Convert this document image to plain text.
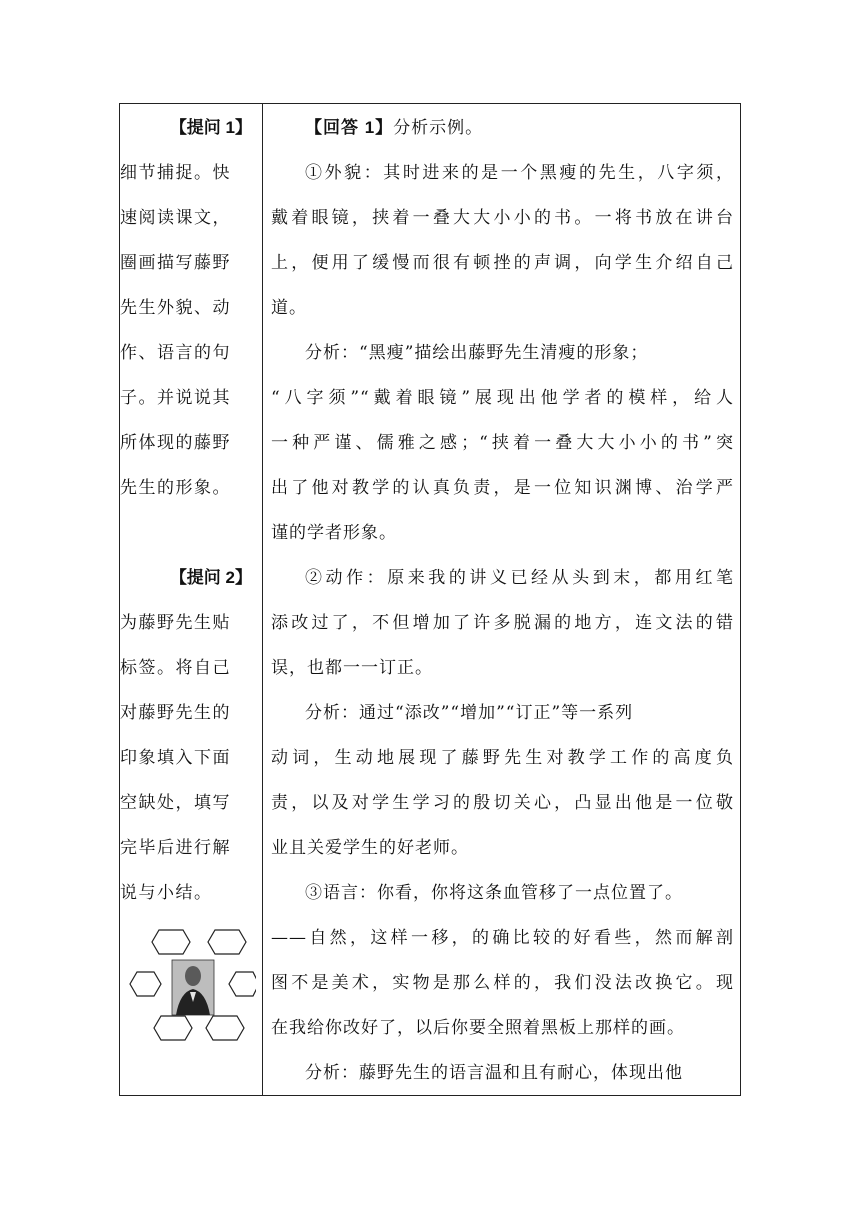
【提问 1】
细节捕捉。快
速阅读课文，
圈画描写藤野
先生外貌、动
作、语言的句
子。并说说其
所体现的藤野
先生的形象。
【提问 2】
为藤野先生贴
标签。将自己
对藤野先生的
印象填入下面
空缺处，填写
完毕后进行解
说与小结。
【回答 1】分析示例。
①外貌：其时进来的是一个黑瘦的先生，八字须，
戴着眼镜，挟着一叠大大小小的书。一将书放在讲台
上，便用了缓慢而很有顿挫的声调，向学生介绍自己
道。
分析：“黑瘦”描绘出藤野先生清瘦的形象；
“八字须”“戴着眼镜”展现出他学者的模样，给人
一种严谨、儒雅之感；“挟着一叠大大小小的书”突
出了他对教学的认真负责，是一位知识渊博、治学严
谨的学者形象。
②动作：原来我的讲义已经从头到末，都用红笔
添改过了，不但增加了许多脱漏的地方，连文法的错
误，也都一一订正。
分析：通过“添改”“增加”“订正”等一系列
动词，生动地展现了藤野先生对教学工作的高度负
责，以及对学生学习的殷切关心，凸显出他是一位敬
业且关爱学生的好老师。
③语言：你看，你将这条血管移了一点位置了。
——自然，这样一移，的确比较的好看些，然而解剖
图不是美术，实物是那么样的，我们没法改换它。现
在我给你改好了，以后你要全照着黑板上那样的画。
分析：藤野先生的语言温和且有耐心，体现出他
